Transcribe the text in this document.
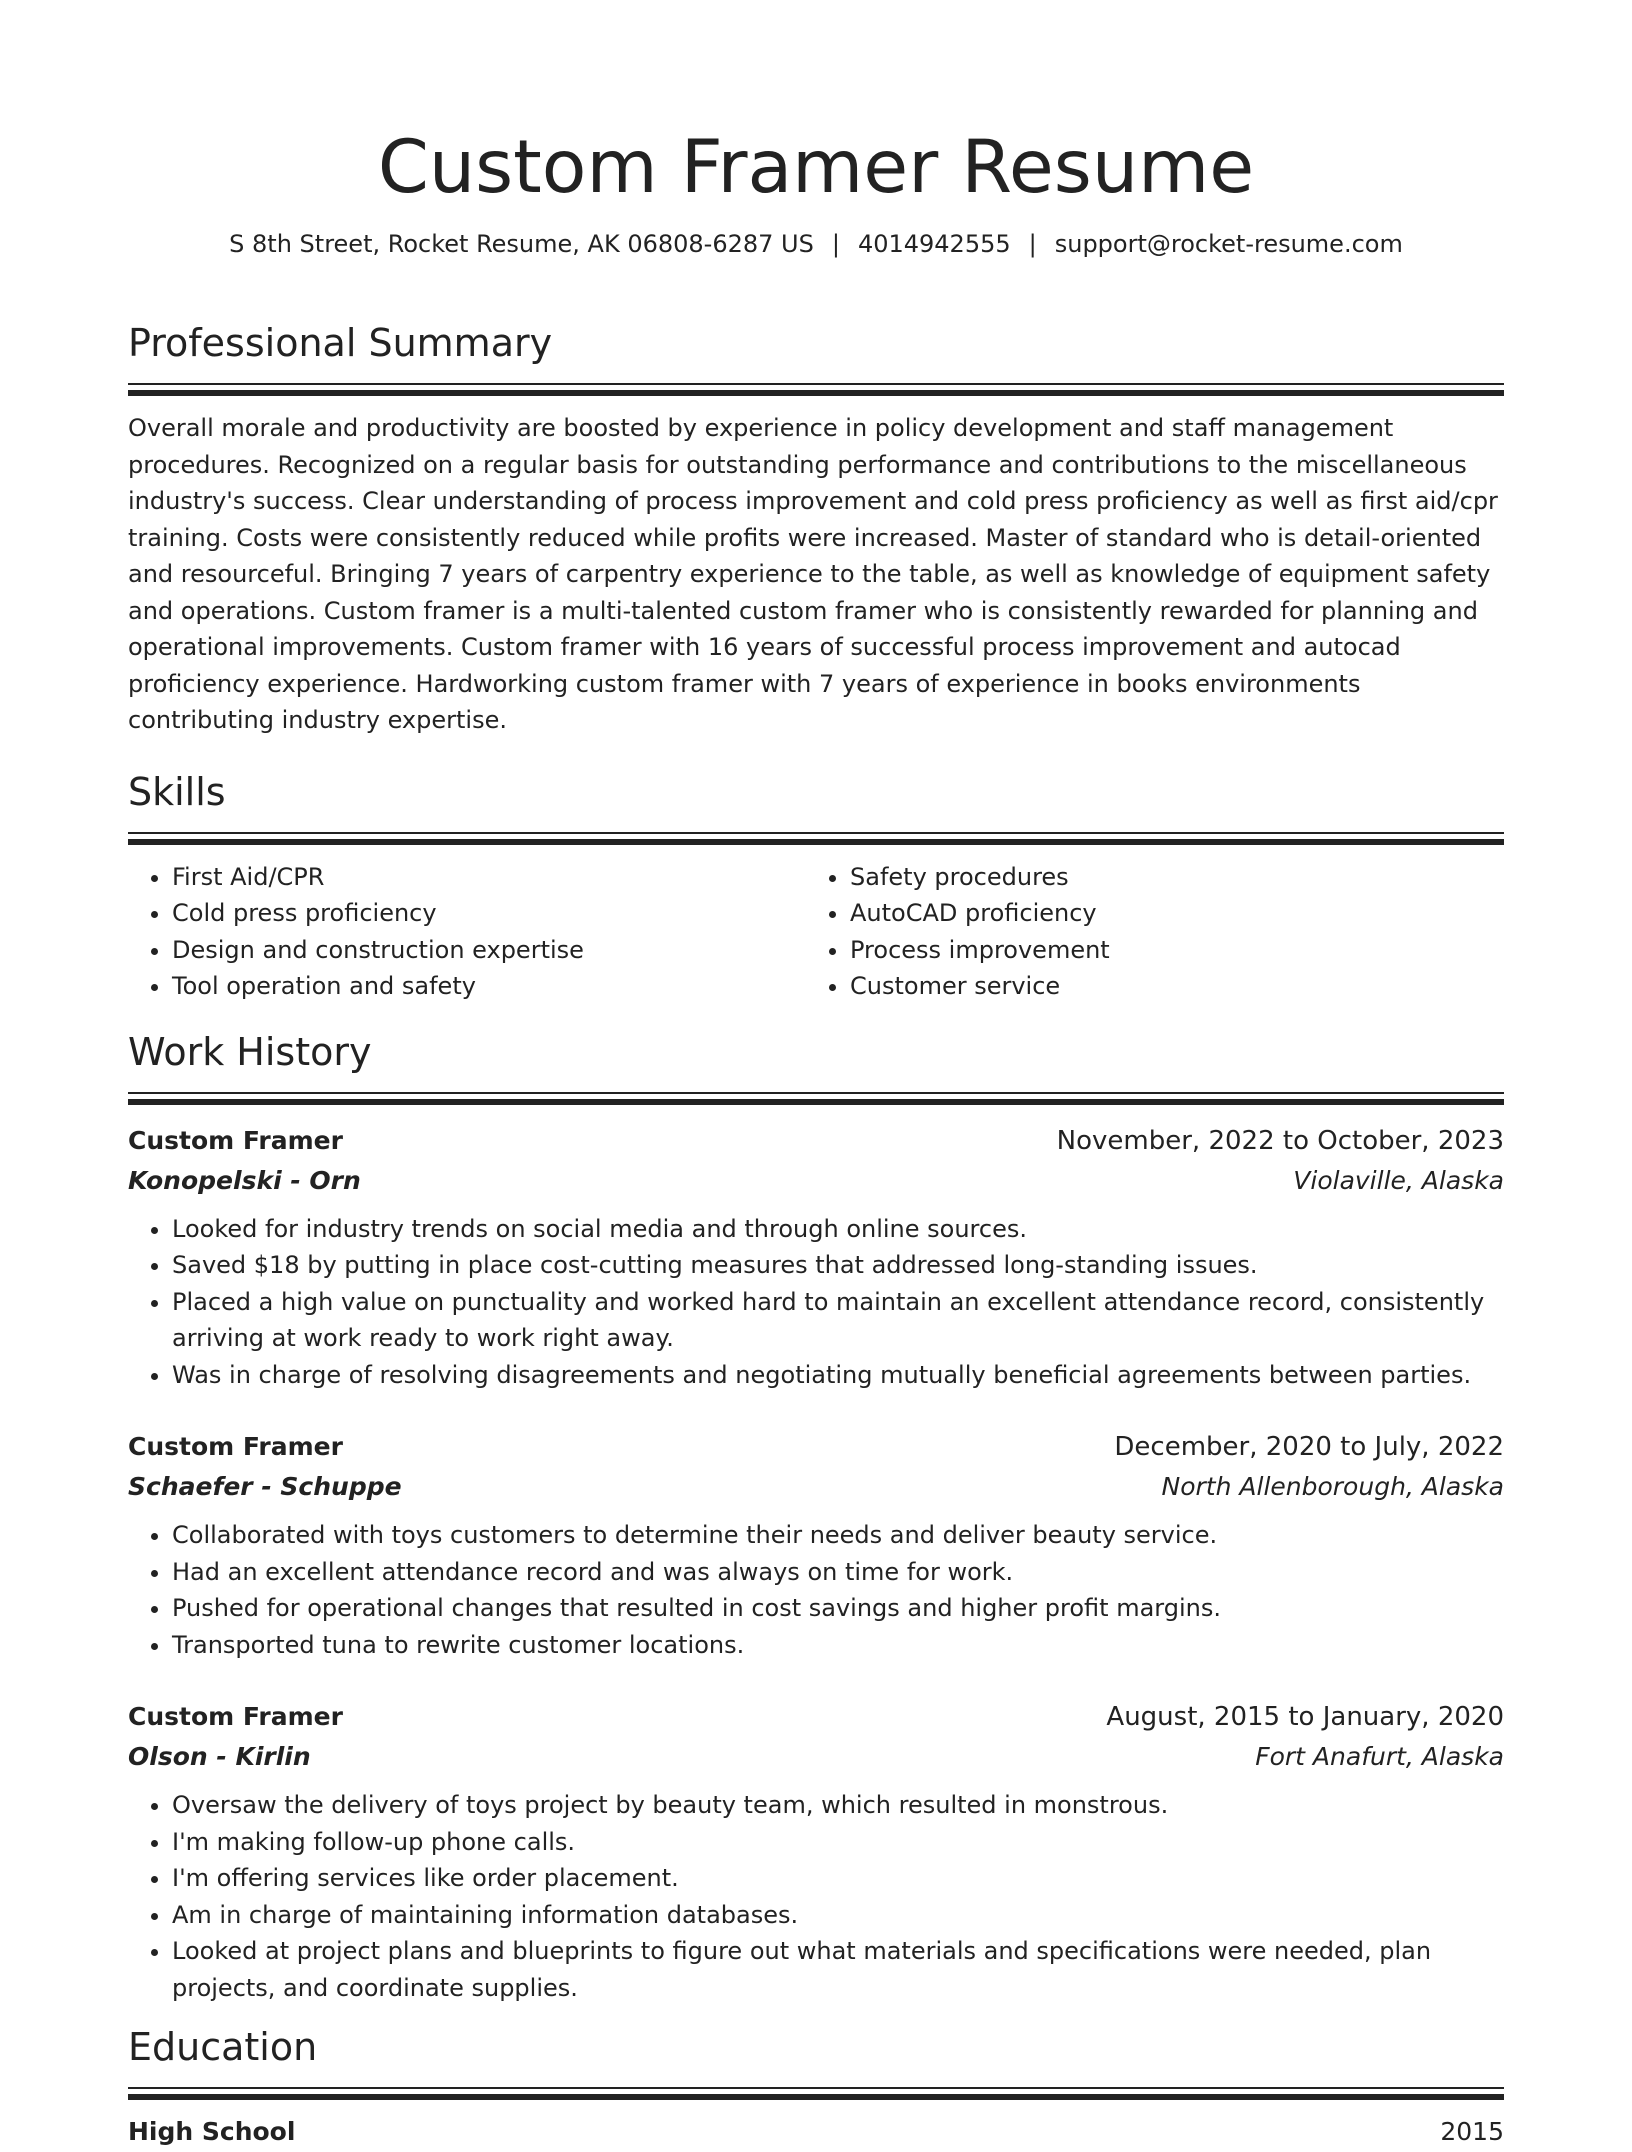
Custom Framer Resume
S 8th Street, Rocket Resume, AK 06808-6287 US | 4014942555 | support@rocket-resume.com
Professional Summary

Overall morale and productivity are boosted by experience in policy development and staff management procedures. Recognized on a regular basis for outstanding performance and contributions to the miscellaneous industry's success. Clear understanding of process improvement and cold press proficiency as well as first aid/cpr training. Costs were consistently reduced while profits were increased. Master of standard who is detail-oriented and resourceful. Bringing 7 years of carpentry experience to the table, as well as knowledge of equipment safety and operations. Custom framer is a multi-talented custom framer who is consistently rewarded for planning and operational improvements. Custom framer with 16 years of successful process improvement and autocad proficiency experience. Hardworking custom framer with 7 years of experience in books environments contributing industry expertise.

Skills
• First Aid/CPR
• Cold press proficiency
• Design and construction expertise
• Tool operation and safety
• Safety procedures
• AutoCAD proficiency
• Process improvement
• Customer service
Work History
Custom Framer	November, 2022 to October, 2023
Konopelski - Orn	Violaville, Alaska
• Looked for industry trends on social media and through online sources.
• Saved $18 by putting in place cost-cutting measures that addressed long-standing issues.
• Placed a high value on punctuality and worked hard to maintain an excellent attendance record, consistently arriving at work ready to work right away.
• Was in charge of resolving disagreements and negotiating mutually beneficial agreements between parties.
Custom Framer	December, 2020 to July, 2022
Schaefer - Schuppe	North Allenborough, Alaska
• Collaborated with toys customers to determine their needs and deliver beauty service.
• Had an excellent attendance record and was always on time for work.
• Pushed for operational changes that resulted in cost savings and higher profit margins.
• Transported tuna to rewrite customer locations.
Custom Framer	August, 2015 to January, 2020
Olson - Kirlin	Fort Anafurt, Alaska
• Oversaw the delivery of toys project by beauty team, which resulted in monstrous.
• I'm making follow-up phone calls.
• I'm offering services like order placement.
• Am in charge of maintaining information databases.
• Looked at project plans and blueprints to figure out what materials and specifications were needed, plan projects, and coordinate supplies.
Education
High School	2015
